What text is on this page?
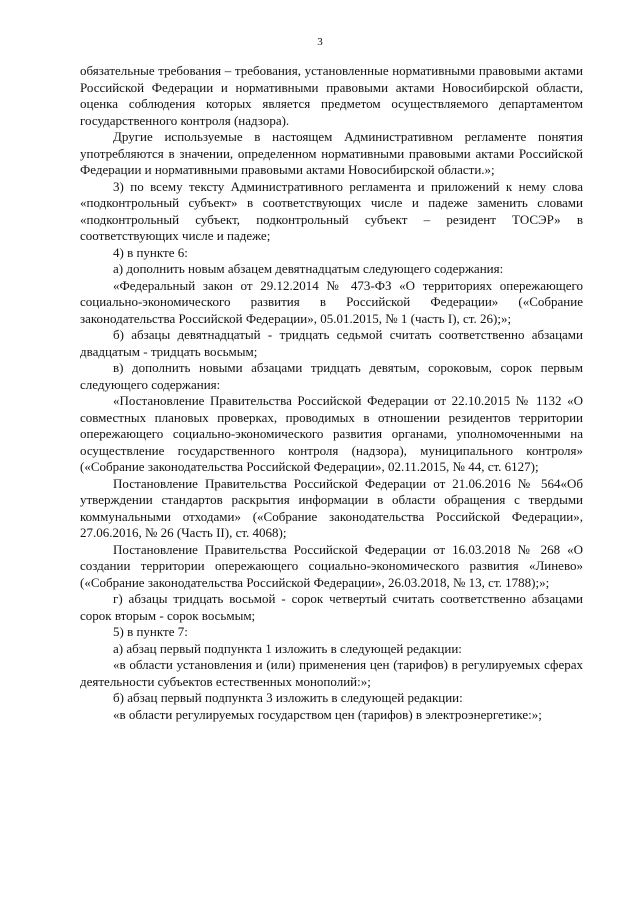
3

обязательные требования – требования, установленные нормативными правовыми актами Российской Федерации и нормативными правовыми актами Новосибирской области, оценка соблюдения которых является предметом осуществляемого департаментом государственного контроля (надзора).

Другие используемые в настоящем Административном регламенте понятия употребляются в значении, определенном нормативными правовыми актами Российской Федерации и нормативными правовыми актами Новосибирской области.»;

3) по всему тексту Административного регламента и приложений к нему слова «подконтрольный субъект» в соответствующих числе и падеже заменить словами «подконтрольный субъект, подконтрольный субъект – резидент ТОСЭР» в соответствующих числе и падеже;

4) в пункте 6:

а) дополнить новым абзацем девятнадцатым следующего содержания:

«Федеральный закон от 29.12.2014 № 473-ФЗ «О территориях опережающего социально-экономического развития в Российской Федерации» («Собрание законодательства Российской Федерации», 05.01.2015, № 1 (часть I), ст. 26);»;

б) абзацы девятнадцатый - тридцать седьмой считать соответственно абзацами двадцатым - тридцать восьмым;

в) дополнить новыми абзацами тридцать девятым, сороковым, сорок первым следующего содержания:

«Постановление Правительства Российской Федерации от 22.10.2015 № 1132 «О совместных плановых проверках, проводимых в отношении резидентов территории опережающего социально-экономического развития органами, уполномоченными на осуществление государственного контроля (надзора), муниципального контроля» («Собрание законодательства Российской Федерации», 02.11.2015, № 44, ст. 6127);

Постановление Правительства Российской Федерации от 21.06.2016 № 564«Об утверждении стандартов раскрытия информации в области обращения с твердыми коммунальными отходами» («Собрание законодательства Российской Федерации», 27.06.2016, № 26 (Часть II), ст. 4068);

Постановление Правительства Российской Федерации от 16.03.2018 № 268 «О создании территории опережающего социально-экономического развития «Линево» («Собрание законодательства Российской Федерации», 26.03.2018, № 13, ст. 1788);»;

г) абзацы тридцать восьмой - сорок четвертый считать соответственно абзацами сорок вторым - сорок восьмым;

5) в пункте 7:

а) абзац первый подпункта 1 изложить в следующей редакции:

«в области установления и (или) применения цен (тарифов) в регулируемых сферах деятельности субъектов естественных монополий:»;

б) абзац первый подпункта 3 изложить в следующей редакции:

«в области регулируемых государством цен (тарифов) в электроэнергетике:»;
